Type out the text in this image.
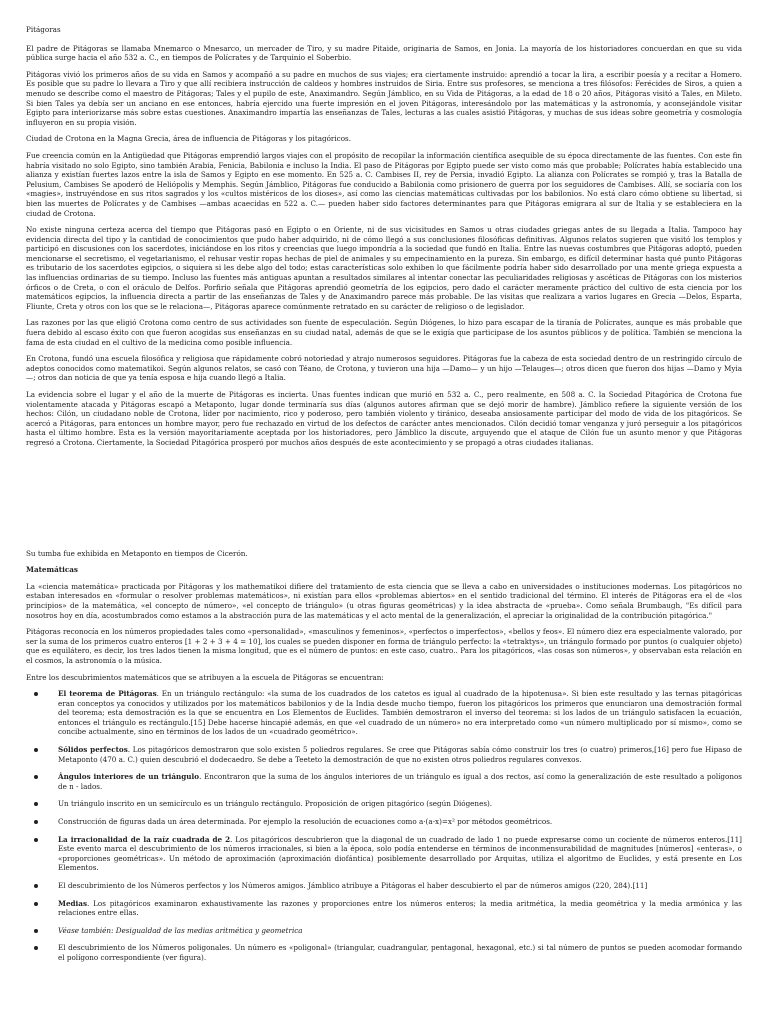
Pitágoras

El padre de Pitágoras se llamaba Mnemarco o Mnesarco, un mercader de Tiro, y su madre Pitaide, originaria de Samos, en Jonia. La mayoría de los historiadores concuerdan en que su vida pública surge hacia el año 532 a. C., en tiempos de Polícrates y de Tarquinio el Soberbio.

Pitágoras vivió los primeros años de su vida en Samos y acompañó a su padre en muchos de sus viajes; era ciertamente instruido: aprendió a tocar la lira, a escribir poesía y a recitar a Homero. Es posible que su padre lo llevara a Tiro y que allí recibiera instrucción de caldeos y hombres instruidos de Siria. Entre sus profesores, se menciona a tres filósofos: Ferécides de Siros, a quien a menudo se describe como el maestro de Pitágoras; Tales y el pupilo de este, Anaximandro. Según Jámblico, en su Vida de Pitágoras, a la edad de 18 o 20 años, Pitágoras visitó a Tales, en Mileto. Si bien Tales ya debía ser un anciano en ese entonces, habría ejercido una fuerte impresión en el joven Pitágoras, interesándolo por las matemáticas y la astronomía, y aconsejándole visitar Egipto para interiorizarse más sobre estas cuestiones. Anaximandro impartía las enseñanzas de Tales, lecturas a las cuales asistió Pitágoras, y muchas de sus ideas sobre geometría y cosmología influyeron en su propia visión.

Ciudad de Crotona en la Magna Grecia, área de influencia de Pitágoras y los pitagóricos.

Fue creencia común en la Antigüedad que Pitágoras emprendió largos viajes con el propósito de recopilar la información científica asequible de su época directamente de las fuentes. Con este fin habría visitado no solo Egipto, sino también Arabia, Fenicia, Babilonia e incluso la India. El paso de Pitágoras por Egipto puede ser visto como más que probable; Polícrates había establecido una alianza y existían fuertes lazos entre la isla de Samos y Egipto en ese momento. En 525 a. C. Cambises II, rey de Persia, invadió Egipto. La alianza con Polícrates se rompió y, tras la Batalla de Pelusium, Cambises Se apoderó de Heliópolis y Memphis. Según Jámblico, Pitágoras fue conducido a Babilonia como prisionero de guerra por los seguidores de Cambises. Allí, se sociaría con los «magies», instruyéndose en sus ritos sagrados y los «cultos mistéricos de los dioses», así como las ciencias matemáticas cultivadas por los babilonios. No está claro cómo obtiene su libertad, si bien las muertes de Polícrates y de Cambises —ambas acaecidas en 522 a. C.— pueden haber sido factores determinantes para que Pitágoras emigrara al sur de Italia y se estableciera en la ciudad de Crotona.

No existe ninguna certeza acerca del tiempo que Pitágoras pasó en Egipto o en Oriente, ni de sus vicisitudes en Samos u otras ciudades griegas antes de su llegada a Italia. Tampoco hay evidencia directa del tipo y la cantidad de conocimientos que pudo haber adquirido, ni de cómo llegó a sus conclusiones filosóficas definitivas. Algunos relatos sugieren que visitó los templos y participó en discusiones con los sacerdotes, iniciándose en los ritos y creencias que luego impondría a la sociedad que fundó en Italia. Entre las nuevas costumbres que Pitágoras adoptó, pueden mencionarse el secretismo, el vegetarianismo, el rehusar vestir ropas hechas de piel de animales y su empecinamiento en la pureza. Sin embargo, es difícil determinar hasta qué punto Pitágoras es tributario de los sacerdotes egipcios, o siquiera si les debe algo del todo; estas características solo exhiben lo que fácilmente podría haber sido desarrollado por una mente griega expuesta a las influencias ordinarias de su tiempo. Incluso las fuentes más antiguas apuntan a resultados similares al intentar conectar las peculiaridades religiosas y ascéticas de Pitágoras con los misterios órficos o de Creta, o con el oráculo de Delfos. Porfirio señala que Pitágoras aprendió geometría de los egipcios, pero dado el carácter meramente práctico del cultivo de esta ciencia por los matemáticos egipcios, la influencia directa a partir de las enseñanzas de Tales y de Anaximandro parece más probable. De las visitas que realizara a varios lugares en Grecia —Delos, Esparta, Fliunte, Creta y otros con los que se le relaciona—, Pitágoras aparece comúnmente retratado en su carácter de religioso o de legislador.

Las razones por las que eligió Crotona como centro de sus actividades son fuente de especulación. Según Diógenes, lo hizo para escapar de la tiranía de Polícrates, aunque es más probable que fuera debido al escaso éxito con que fueron acogidas sus enseñanzas en su ciudad natal, además de que se le exigía que participase de los asuntos públicos y de política. También se menciona la fama de esta ciudad en el cultivo de la medicina como posible influencia.

En Crotona, fundó una escuela filosófica y religiosa que rápidamente cobró notoriedad y atrajo numerosos seguidores. Pitágoras fue la cabeza de esta sociedad dentro de un restringido círculo de adeptos conocidos como matematikoi. Según algunos relatos, se casó con Téano, de Crotona, y tuvieron una hija —Damo— y un hijo —Telauges—; otros dicen que fueron dos hijas —Damo y Myia—; otros dan noticia de que ya tenía esposa e hija cuando llegó a Italia.

La evidencia sobre el lugar y el año de la muerte de Pitágoras es incierta. Unas fuentes indican que murió en 532 a. C., pero realmente, en 508 a. C. la Sociedad Pitagórica de Crotona fue violentamente atacada y Pitágoras escapó a Metaponto, lugar donde terminaría sus días (algunos autores afirman que se dejó morir de hambre). Jámblico refiere la siguiente versión de los hechos: Cilón, un ciudadano noble de Crotona, líder por nacimiento, rico y poderoso, pero también violento y tiránico, deseaba ansiosamente participar del modo de vida de los pitagóricos. Se acercó a Pitágoras, para entonces un hombre mayor, pero fue rechazado en virtud de los defectos de carácter antes mencionados. Cilón decidió tomar venganza y juró perseguir a los pitagóricos hasta el último hombre. Esta es la versión mayoritariamente aceptada por los historiadores, pero Jámblico la discute, arguyendo que el ataque de Cilón fue un asunto menor y que Pitágoras regresó a Crotona. Ciertamente, la Sociedad Pitagórica prosperó por muchos años después de este acontecimiento y se propagó a otras ciudades italianas.

Su tumba fue exhibida en Metaponto en tiempos de Cicerón.

Matemáticas

La «ciencia matemática» practicada por Pitágoras y los mathematikoi difiere del tratamiento de esta ciencia que se lleva a cabo en universidades o instituciones modernas. Los pitagóricos no estaban interesados en «formular o resolver problemas matemáticos», ni existían para ellos «problemas abiertos» en el sentido tradicional del término. El interés de Pitágoras era el de «los principios» de la matemática, «el concepto de número», «el concepto de triángulo» (u otras figuras geométricas) y la idea abstracta de «prueba». Como señala Brumbaugh, "Es difícil para nosotros hoy en día, acostumbrados como estamos a la abstracción pura de las matemáticas y el acto mental de la generalización, el apreciar la originalidad de la contribución pitagórica."

Pitágoras reconocía en los números propiedades tales como «personalidad», «masculinos y femeninos», «perfectos o imperfectos», «bellos y feos». El número diez era especialmente valorado, por ser la suma de los primeros cuatro enteros [1 + 2 + 3 + 4 = 10], los cuales se pueden disponer en forma de triángulo perfecto: la «tetraktys», un triángulo formado por puntos (o cualquier objeto) que es equilátero, es decir, los tres lados tienen la misma longitud, que es el número de puntos: en este caso, cuatro.. Para los pitagóricos, «las cosas son números», y observaban esta relación en el cosmos, la astronomía o la música.

Entre los descubrimientos matemáticos que se atribuyen a la escuela de Pitágoras se encuentran:

El teorema de Pitágoras. En un triángulo rectángulo: «la suma de los cuadrados de los catetos es igual al cuadrado de la hipotenusa». Si bien este resultado y las ternas pitagóricas eran conceptos ya conocidos y utilizados por los matemáticos babilonios y de la India desde mucho tiempo, fueron los pitagóricos los primeros que enunciaron una demostración formal del teorema; esta demostración es la que se encuentra en Los Elementos de Euclides. También demostraron el inverso del teorema: si los lados de un triángulo satisfacen la ecuación, entonces el triángulo es rectángulo.[15] Debe hacerse hincapié además, en que «el cuadrado de un número» no era interpretado como «un número multiplicado por sí mismo», como se concibe actualmente, sino en términos de los lados de un «cuadrado geométrico».
Sólidos perfectos. Los pitagóricos demostraron que solo existen 5 poliedros regulares. Se cree que Pitágoras sabía cómo construir los tres (o cuatro) primeros,[16] pero fue Hipaso de Metaponto (470 a. C.) quien descubrió el dodecaedro. Se debe a Teeteto la demostración de que no existen otros poliedros regulares convexos.
Ángulos interiores de un triángulo. Encontraron que la suma de los ángulos interiores de un triángulo es igual a dos rectos, así como la generalización de este resultado a polígonos de n - lados.
Un triángulo inscrito en un semicírculo es un triángulo rectángulo. Proposición de origen pitagórico (según Diógenes).
Construcción de figuras dada un área determinada. Por ejemplo la resolución de ecuaciones como a·(a-x)=x² por métodos geométricos.
La irracionalidad de la raíz cuadrada de 2. Los pitagóricos descubrieron que la diagonal de un cuadrado de lado 1 no puede expresarse como un cociente de números enteros.[11] Este evento marca el descubrimiento de los números irracionales, si bien a la época, solo podía entenderse en términos de inconmensurabilidad de magnitudes [números] «enteras», o «proporciones geométricas». Un método de aproximación (aproximación diofántica) posiblemente desarrollado por Arquitas, utiliza el algoritmo de Euclides, y está presente en Los Elementos.
El descubrimiento de los Números perfectos y los Números amigos. Jámblico atribuye a Pitágoras el haber descubierto el par de números amigos (220, 284).[11]
Medias. Los pitagóricos examinaron exhaustivamente las razones y proporciones entre los números enteros; la media aritmética, la media geométrica y la media armónica y las relaciones entre ellas.
Véase también: Desigualdad de las medias aritmética y geometrica
El descubrimiento de los Números poligonales. Un número es «poligonal» (triangular, cuadrangular, pentagonal, hexagonal, etc.) si tal número de puntos se pueden acomodar formando el polígono correspondiente (ver figura).
